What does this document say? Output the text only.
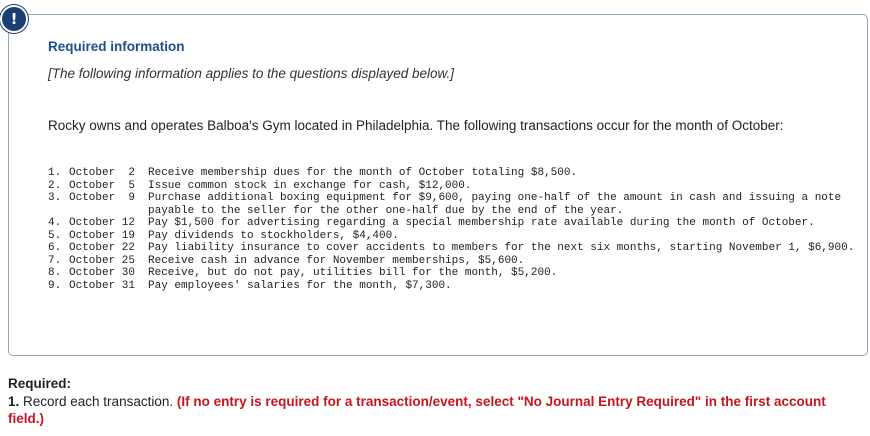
!
Required information
[The following information applies to the questions displayed below.]
Rocky owns and operates Balboa's Gym located in Philadelphia. The following transactions occur for the month of October:
1. October  2	Receive membership dues for the month of October totaling $8,500.
2. October  5	Issue common stock in exchange for cash, $12,000.
3. October  9	Purchase additional boxing equipment for $9,600, paying one-half of the amount in cash and issuing a note payable to the seller for the other one-half due by the end of the year.
4. October 12	Pay $1,500 for advertising regarding a special membership rate available during the month of October.
5. October 19	Pay dividends to stockholders, $4,400.
6. October 22	Pay liability insurance to cover accidents to members for the next six months, starting November 1, $6,900.
7. October 25	Receive cash in advance for November memberships, $5,600.
8. October 30	Receive, but do not pay, utilities bill for the month, $5,200.
9. October 31	Pay employees' salaries for the month, $7,300.
Required:
1. Record each transaction. (If no entry is required for a transaction/event, select "No Journal Entry Required" in the first account field.)
